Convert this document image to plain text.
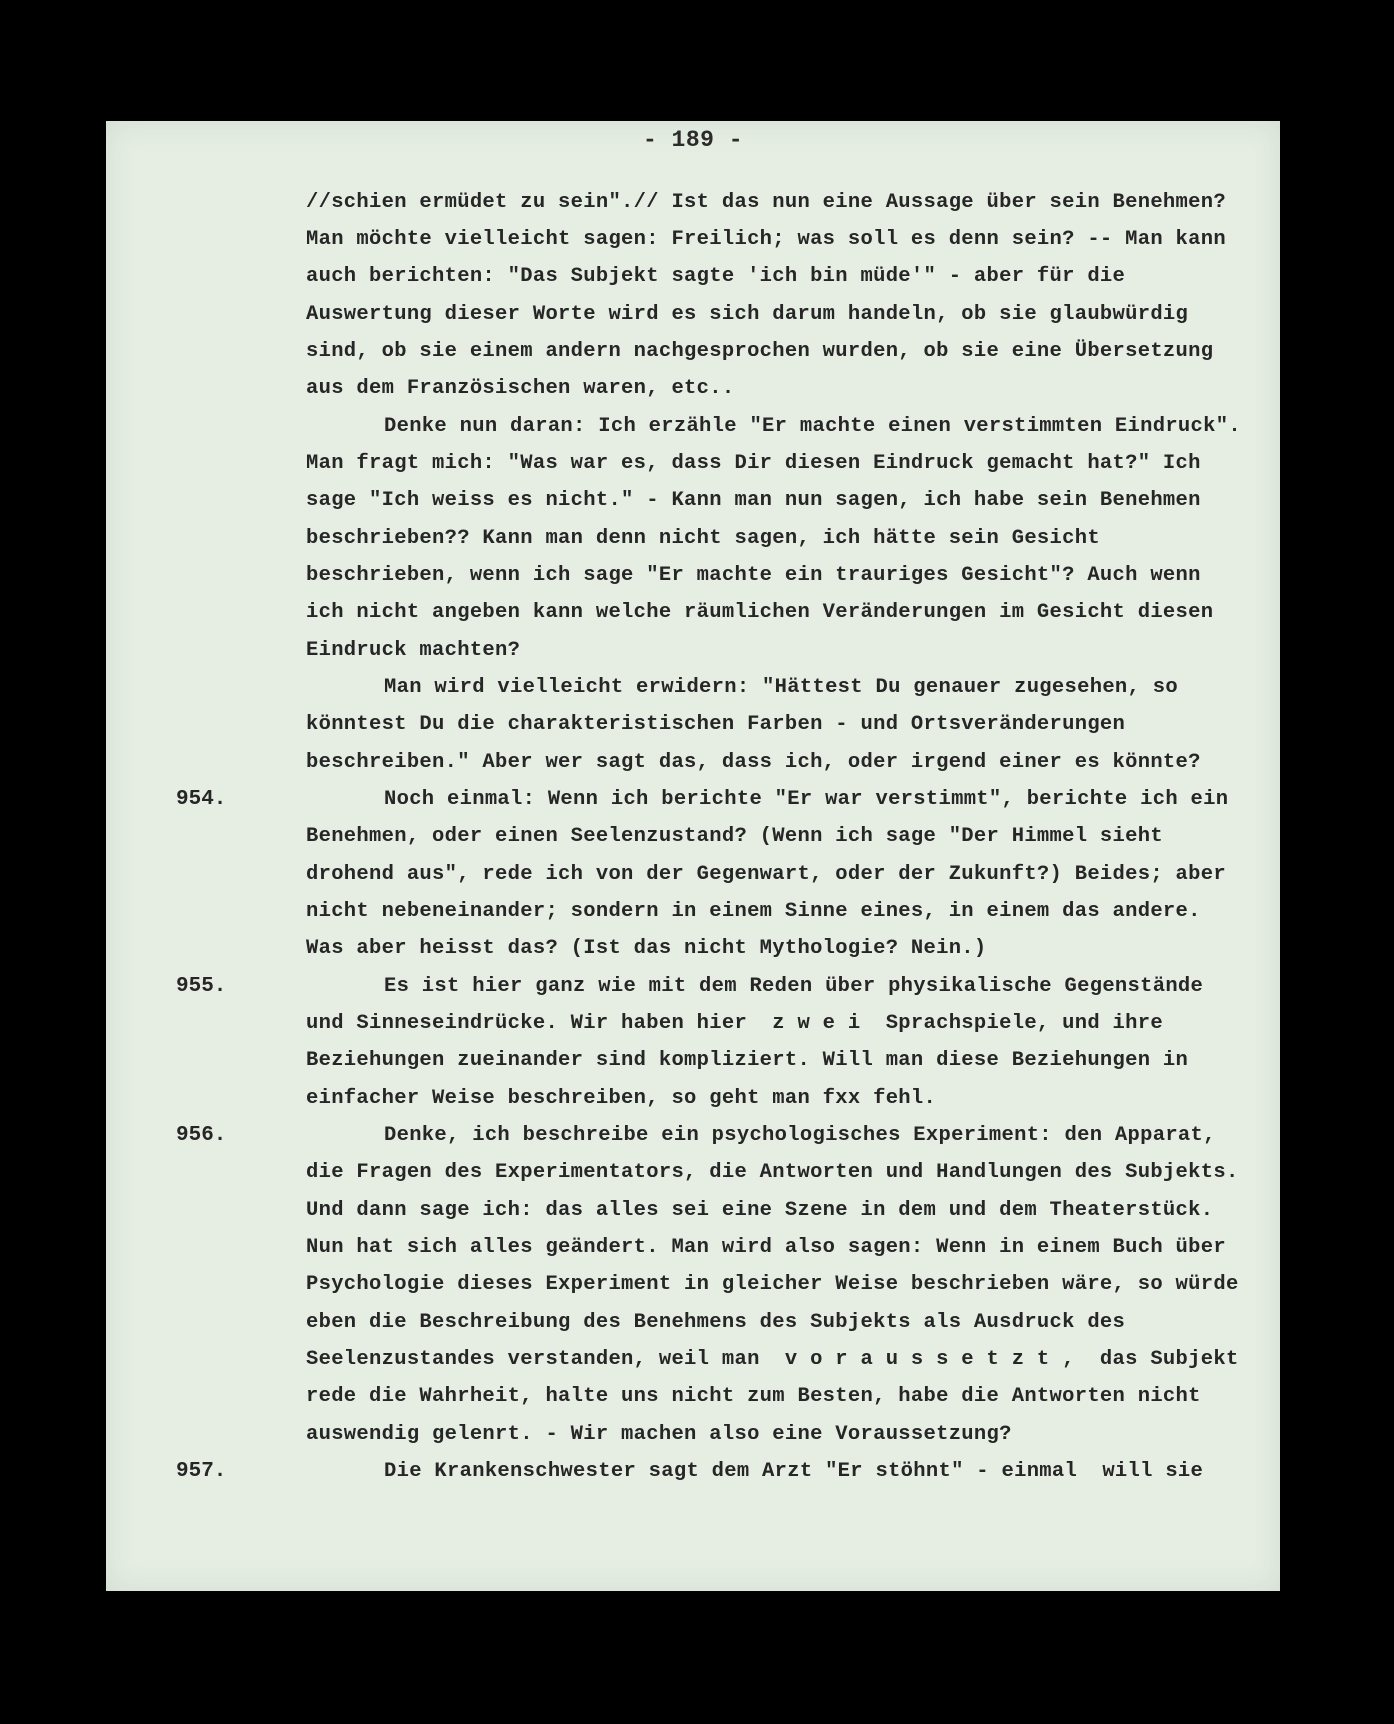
- 189 -
//schien ermüdet zu sein".// Ist das nun eine Aussage über sein Benehmen?
Man möchte vielleicht sagen: Freilich; was soll es denn sein? -- Man kann
auch berichten: "Das Subjekt sagte 'ich bin müde'" - aber für die
Auswertung dieser Worte wird es sich darum handeln, ob sie glaubwürdig
sind, ob sie einem andern nachgesprochen wurden, ob sie eine Übersetzung
aus dem Französischen waren, etc..
Denke nun daran: Ich erzähle "Er machte einen verstimmten Eindruck".
Man fragt mich: "Was war es, dass Dir diesen Eindruck gemacht hat?" Ich
sage "Ich weiss es nicht." - Kann man nun sagen, ich habe sein Benehmen
beschrieben?? Kann man denn nicht sagen, ich hätte sein Gesicht
beschrieben, wenn ich sage "Er machte ein trauriges Gesicht"? Auch wenn
ich nicht angeben kann welche räumlichen Veränderungen im Gesicht diesen
Eindruck machten?
Man wird vielleicht erwidern: "Hättest Du genauer zugesehen, so
könntest Du die charakteristischen Farben - und Ortsveränderungen
beschreiben." Aber wer sagt das, dass ich, oder irgend einer es könnte?
954.	Noch einmal: Wenn ich berichte "Er war verstimmt", berichte ich ein
Benehmen, oder einen Seelenzustand? (Wenn ich sage "Der Himmel sieht
drohend aus", rede ich von der Gegenwart, oder der Zukunft?) Beides; aber
nicht nebeneinander; sondern in einem Sinne eines, in einem das andere.
Was aber heisst das? (Ist das nicht Mythologie? Nein.)
955.	Es ist hier ganz wie mit dem Reden über physikalische Gegenstände
und Sinneseindrücke. Wir haben hier  z w e i  Sprachspiele, und ihre
Beziehungen zueinander sind kompliziert. Will man diese Beziehungen in
einfacher Weise beschreiben, so geht man fxx fehl.
956.	Denke, ich beschreibe ein psychologisches Experiment: den Apparat,
die Fragen des Experimentators, die Antworten und Handlungen des Subjekts.
Und dann sage ich: das alles sei eine Szene in dem und dem Theaterstück.
Nun hat sich alles geändert. Man wird also sagen: Wenn in einem Buch über
Psychologie dieses Experiment in gleicher Weise beschrieben wäre, so würde
eben die Beschreibung des Benehmens des Subjekts als Ausdruck des
Seelenzustandes verstanden, weil man  v o r a u s s e t z t ,  das Subjekt
rede die Wahrheit, halte uns nicht zum Besten, habe die Antworten nicht
auswendig gelenrt. - Wir machen also eine Voraussetzung?
957.	Die Krankenschwester sagt dem Arzt "Er stöhnt" - einmal  will sie
